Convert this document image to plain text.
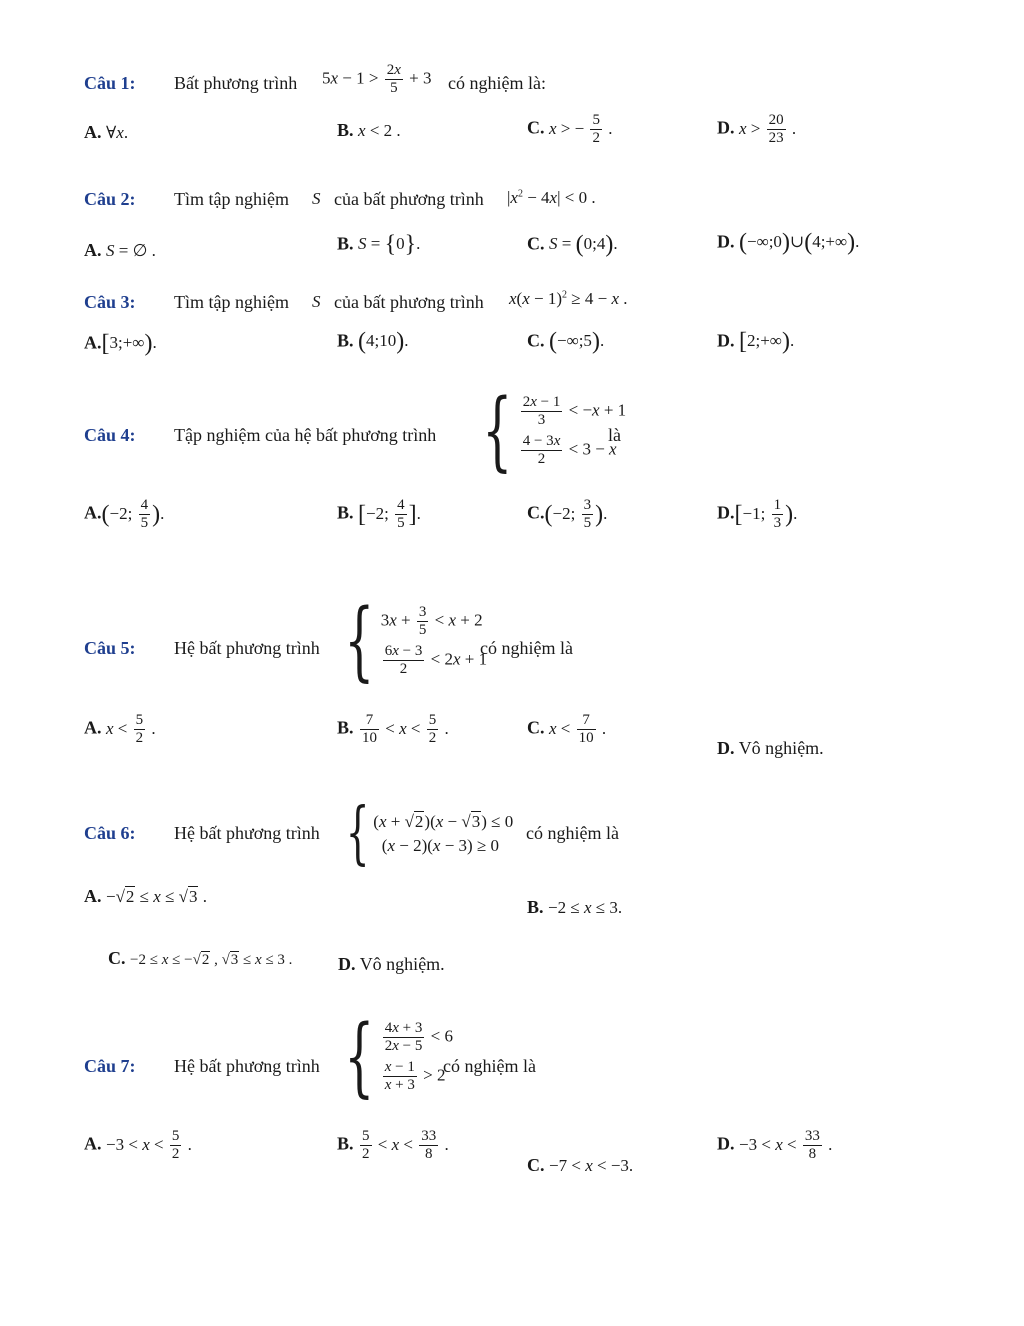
Câu 1: Bất phương trình $5x - 1 > \frac{2x}{5} + 3$ có nghiệm là:
A. ∀x.	B. x < 2 .	C. x > − $\frac{5}{2}$ .	D. $x > \frac{20}{23}$ .
Câu 2: Tìm tập nghiệm S của bất phương trình $|x^2 - 4x| < 0$ .
A. S = ∅ .	B. S = {0}.	C. S = (0;4).	D. (−∞;0)∪(4;+∞).
Câu 3: Tìm tập nghiệm S của bất phương trình $x(x - 1)^2 \ge 4 - x$ .
A.[3;+∞).	B. (4;10).	C. (−∞;5).	D. [2;+∞).
Câu 4: Tập nghiệm của hệ bất phương trình { $\frac{2x - 1}{3} < -x + 1$
$\frac{4 - 3x}{2} < 3 - x$
là
A.(−2; $\frac{4}{5}$ ).	B. [−2; $\frac{4}{5}$ ].	C.(−2; $\frac{3}{5}$ ).	D.[−1; $\frac{1}{3}$ ).
Câu 5: Hệ bất phương trình { $3x + \frac{3}{5} < x + 2$
$\frac{6x - 3}{2} < 2x + 1$
có nghiệm là
A. $x < \frac{5}{2}$ .	B. $\frac{7}{10} < x < \frac{5}{2}$ .	C. $x < \frac{7}{10}$ .
D. Vô nghiệm.
Câu 6: Hệ bất phương trình { (x + √2)(x − √3) ≤ 0
(x − 2)(x − 3) ≥ 0
có nghiệm là
A. −√2 ≤ x ≤ √3 .
B. −2 ≤ x ≤ 3.
C. −2 ≤ x ≤ −√2 , √3 ≤ x ≤ 3 .	D. Vô nghiệm.
Câu 7: Hệ bất phương trình { $\frac{4x + 3}{2x - 5} < 6$
$\frac{x - 1}{x + 3} > 2$
có nghiệm là
A. $-3 < x < \frac{5}{2}$ .	B. $\frac{5}{2} < x < \frac{33}{8}$ .
C. −7 < x < −3.
D. $-3 < x < \frac{33}{8}$ .
